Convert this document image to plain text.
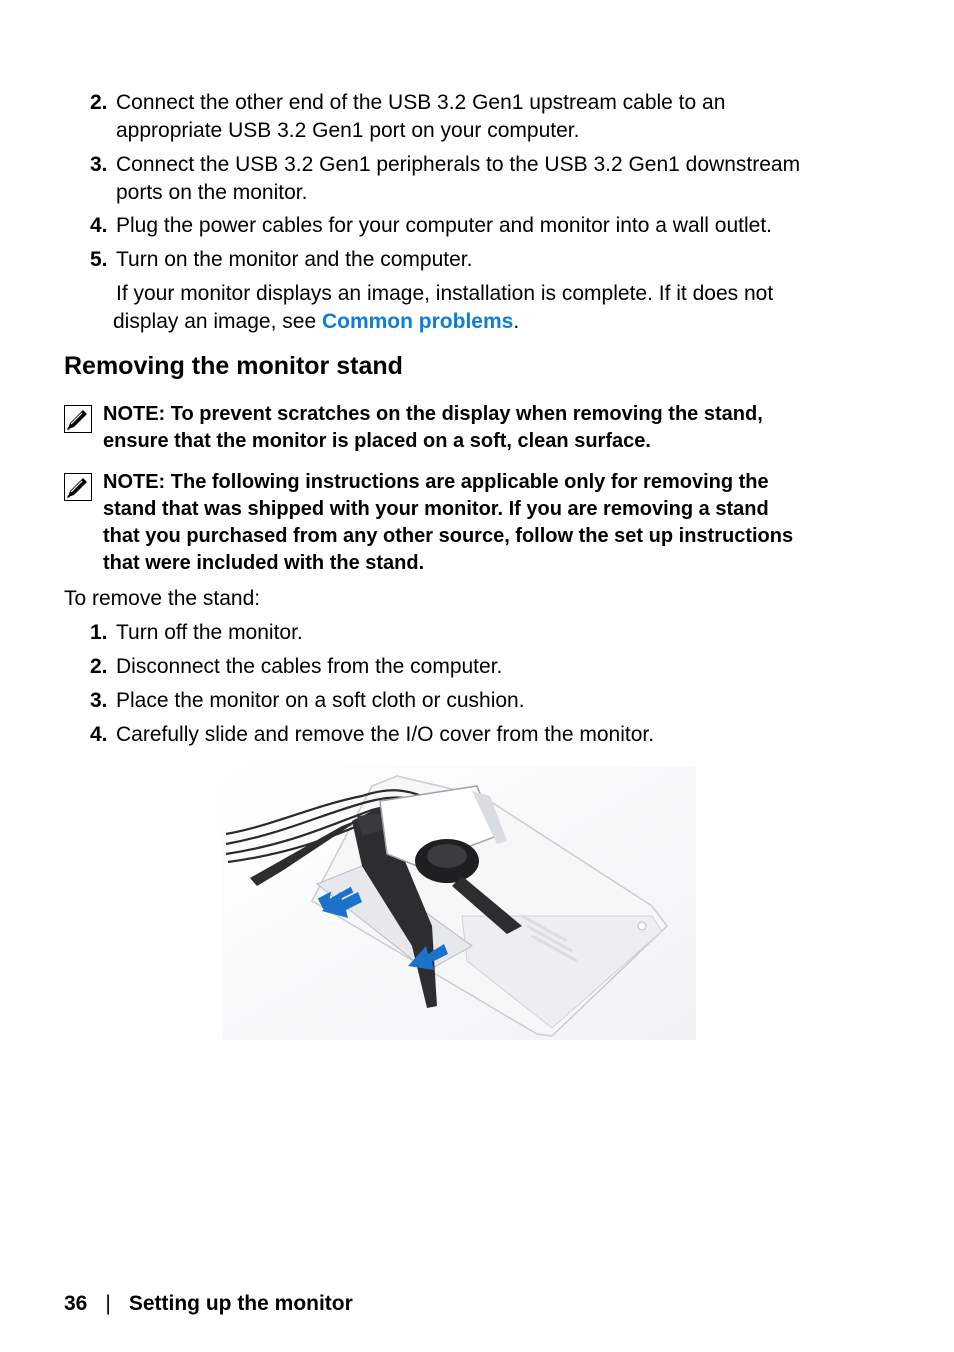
2. Connect the other end of the USB 3.2 Gen1 upstream cable to an
appropriate USB 3.2 Gen1 port on your computer.
3. Connect the USB 3.2 Gen1 peripherals to the USB 3.2 Gen1 downstream
ports on the monitor.
4. Plug the power cables for your computer and monitor into a wall outlet.
5. Turn on the monitor and the computer.
If your monitor displays an image, installation is complete. If it does not
display an image, see Common problems.
Removing the monitor stand
NOTE: To prevent scratches on the display when removing the stand,
ensure that the monitor is placed on a soft, clean surface.
NOTE: The following instructions are applicable only for removing the
stand that was shipped with your monitor. If you are removing a stand
that you purchased from any other source, follow the set up instructions
that were included with the stand.
To remove the stand:
1. Turn off the monitor.
2. Disconnect the cables from the computer.
3. Place the monitor on a soft cloth or cushion.
4. Carefully slide and remove the I/O cover from the monitor.
36 | Setting up the monitor
